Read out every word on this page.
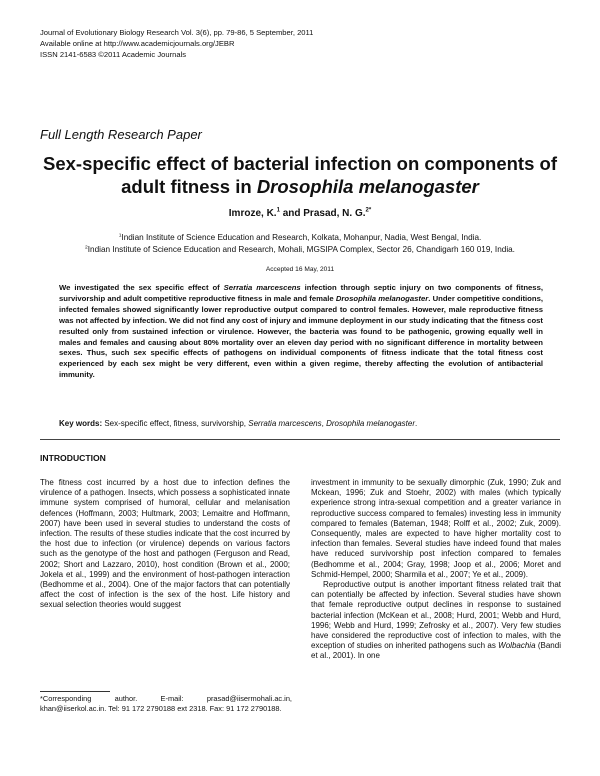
Journal of Evolutionary Biology Research Vol. 3(6), pp. 79-86, 5 September, 2011
Available online at http://www.academicjournals.org/JEBR
ISSN 2141-6583 ©2011 Academic Journals
Full Length Research Paper
Sex-specific effect of bacterial infection on components of adult fitness in Drosophila melanogaster
Imroze, K.$^1$ and Prasad, N. G.$^{2*}$
$^1$Indian Institute of Science Education and Research, Kolkata, Mohanpur, Nadia, West Bengal, India.
$^2$Indian Institute of Science Education and Research, Mohali, MGSIPA Complex, Sector 26, Chandigarh 160 019, India.
Accepted 16 May, 2011
We investigated the sex specific effect of Serratia marcescens infection through septic injury on two components of fitness, survivorship and adult competitive reproductive fitness in male and female Drosophila melanogaster. Under competitive conditions, infected females showed significantly lower reproductive output compared to control females. However, male reproductive fitness was not affected by infection. We did not find any cost of injury and immune deployment in our study indicating that the fitness cost resulted only from sustained infection or virulence. However, the bacteria was found to be pathogenic, growing equally well in males and females and causing about 80% mortality over an eleven day period with no significant difference in mortality between sexes. Thus, such sex specific effects of pathogens on individual components of fitness indicate that the total fitness cost experienced by each sex might be very different, even within a given regime, thereby affecting the evolution of antibacterial immunity.
Key words: Sex-specific effect, fitness, survivorship, Serratia marcescens, Drosophila melanogaster.
INTRODUCTION

The fitness cost incurred by a host due to infection defines the virulence of a pathogen. Insects, which possess a sophisticated innate immune system comprised of humoral, cellular and melanisation defences (Hoffmann, 2003; Hultmark, 2003; Lemaitre and Hoffmann, 2007) have been used in several studies to understand the costs of infection. The results of these studies indicate that the cost incurred by the host due to infection (or virulence) depends on various factors such as the genotype of the host and pathogen (Ferguson and Read, 2002; Short and Lazzaro, 2010), host condition (Brown et al., 2000; Jokela et al., 1999) and the environment of host-pathogen interaction (Bedhomme et al., 2004). One of the major factors that can potentially affect the cost of infection is the sex of the host. Life history and sexual selection theories would suggest

investment in immunity to be sexually dimorphic (Zuk, 1990; Zuk and Mckean, 1996; Zuk and Stoehr, 2002) with males (which typically experience strong intra-sexual competition and a greater variance in reproductive success compared to females) investing less in immunity compared to females (Bateman, 1948; Rolff et al., 2002; Zuk, 2009). Consequently, males are expected to have higher mortality cost to infection than females. Several studies have indeed found that males have reduced survivorship post infection compared to females (Bedhomme et al., 2004; Gray, 1998; Joop et al., 2006; Moret and Schmid-Hempel, 2000; Sharmila et al., 2007; Ye et al., 2009).

Reproductive output is another important fitness related trait that can potentially be affected by infection. Several studies have shown that female reproductive output declines in response to sustained bacterial infection (McKean et al., 2008; Hurd, 2001; Webb and Hurd, 1996; Webb and Hurd, 1999; Zefrosky et al., 2007). Very few studies have considered the reproductive cost of infection to males, with the exception of studies on inherited pathogens such as Wolbachia (Bandi et al., 2001). In one

*Corresponding author. E-mail: prasad@iisermohali.ac.in, khan@iiserkol.ac.in. Tel: 91 172 2790188 ext 2318. Fax: 91 172 2790188.
